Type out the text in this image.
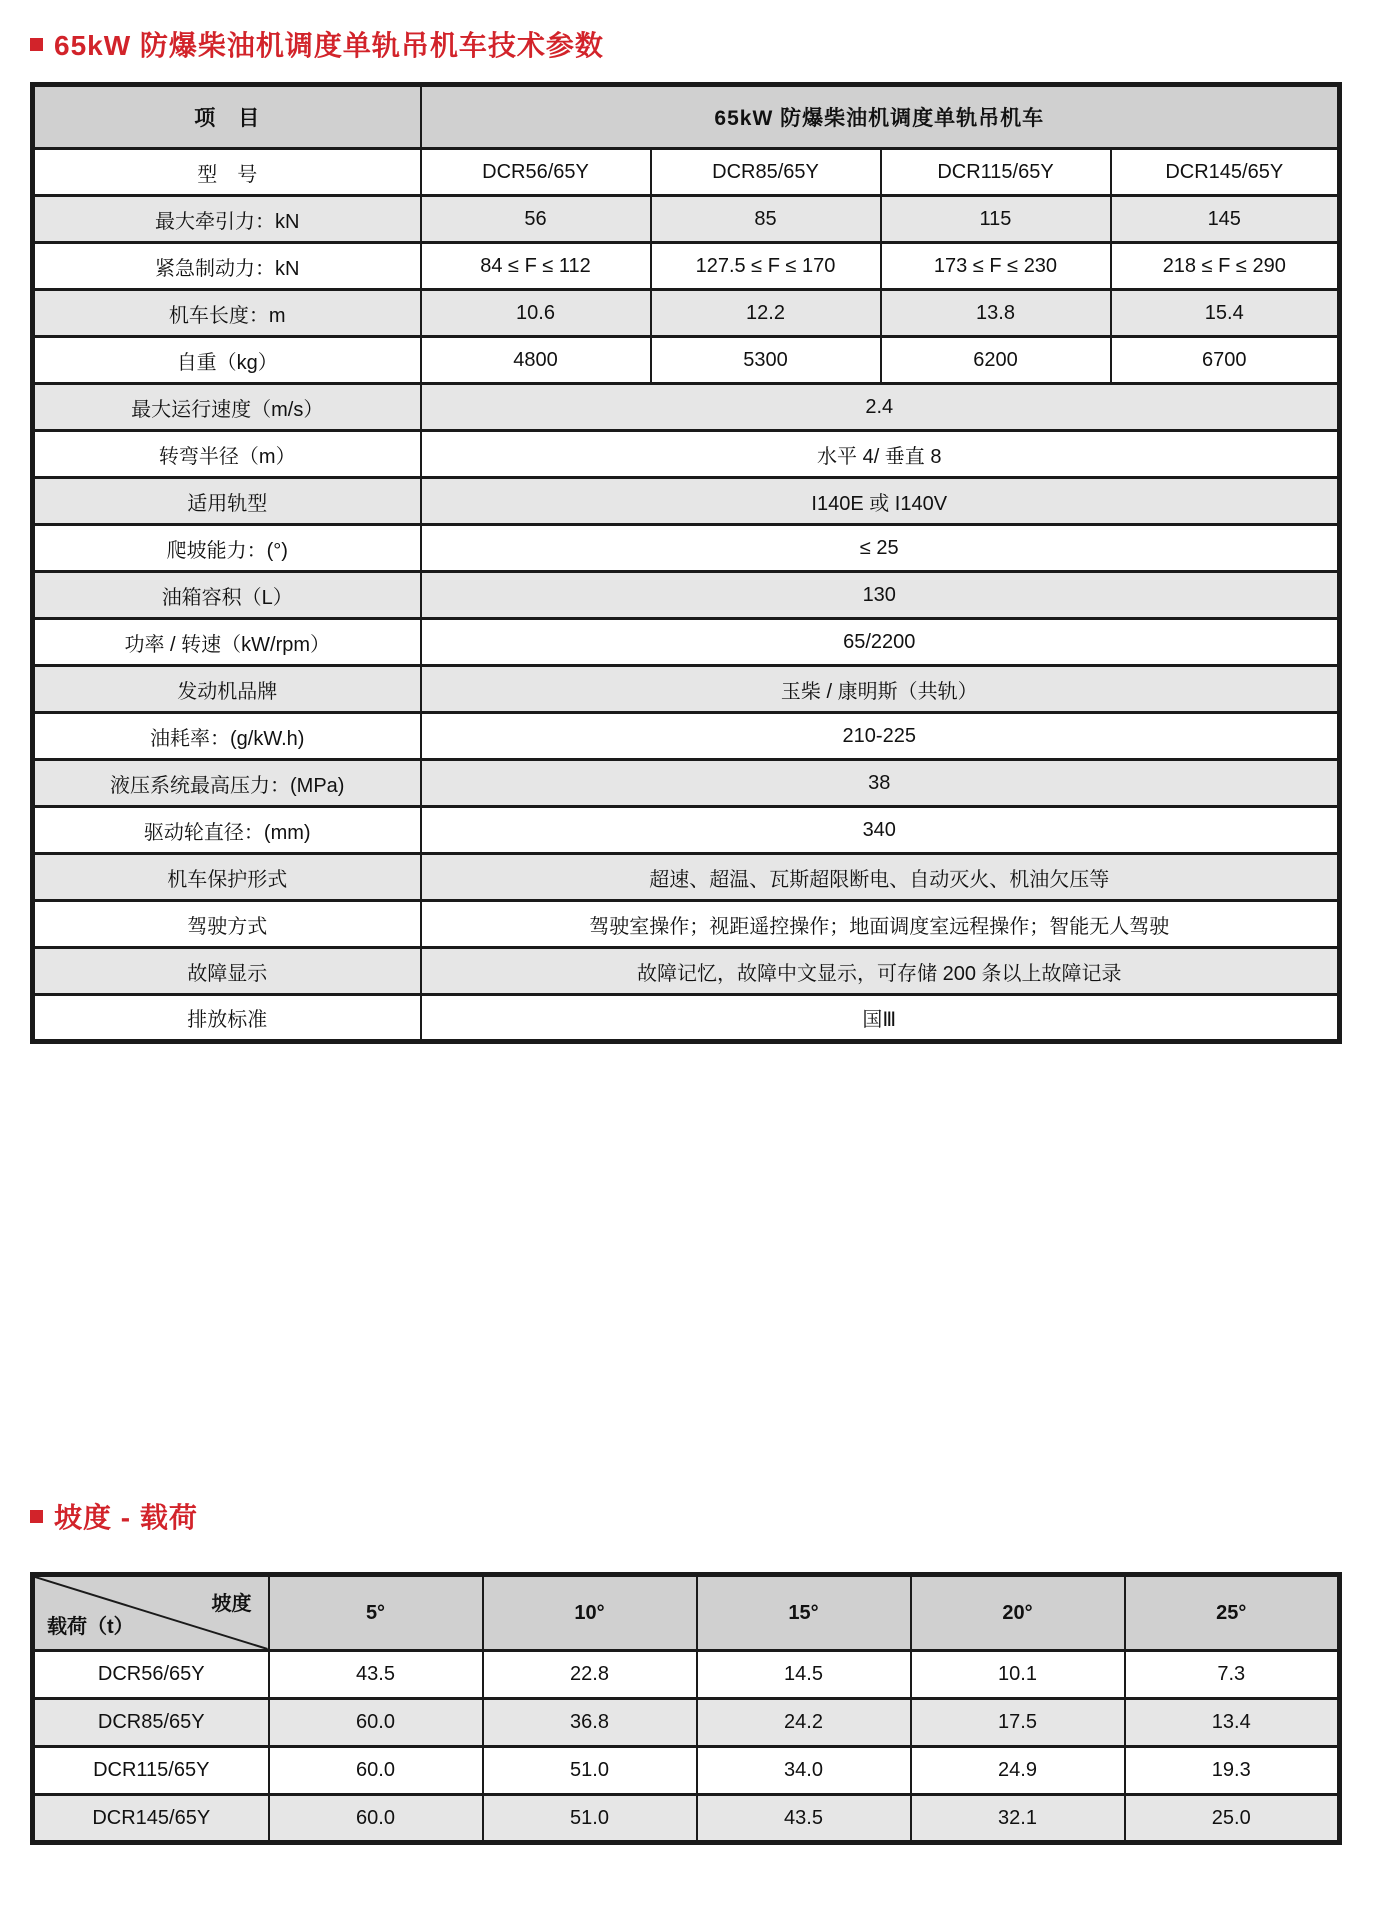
65kW 防爆柴油机调度单轨吊机车技术参数
项　目	65kW 防爆柴油机调度单轨吊机车			
型　号	DCR56/65Y	DCR85/65Y	DCR115/65Y	DCR145/65Y
最大牵引力：kN	56	85	115	145
紧急制动力：kN	84 ≤ F ≤ 112	127.5 ≤ F ≤ 170	173 ≤ F ≤ 230	218 ≤ F ≤ 290
机车长度：m	10.6	12.2	13.8	15.4
自重（kg）	4800	5300	6200	6700
最大运行速度（m/s）	2.4			
转弯半径（m）	水平 4/ 垂直 8			
适用轨型	I140E 或 I140V			
爬坡能力：(°)	≤ 25			
油箱容积（L）	130			
功率 / 转速（kW/rpm）	65/2200			
发动机品牌	玉柴 / 康明斯（共轨）			
油耗率：(g/kW.h)	210-225			
液压系统最高压力：(MPa)	38			
驱动轮直径：(mm)	340			
机车保护形式	超速、超温、瓦斯超限断电、自动灭火、机油欠压等			
驾驶方式	驾驶室操作；视距遥控操作；地面调度室远程操作；智能无人驾驶			
故障显示	故障记忆，故障中文显示，可存储 200 条以上故障记录			
排放标准	国Ⅲ			
坡度 - 载荷
坡度
载荷（t）	5°	10°	15°	20°	25°
DCR56/65Y	43.5	22.8	14.5	10.1	7.3
DCR85/65Y	60.0	36.8	24.2	17.5	13.4
DCR115/65Y	60.0	51.0	34.0	24.9	19.3
DCR145/65Y	60.0	51.0	43.5	32.1	25.0
